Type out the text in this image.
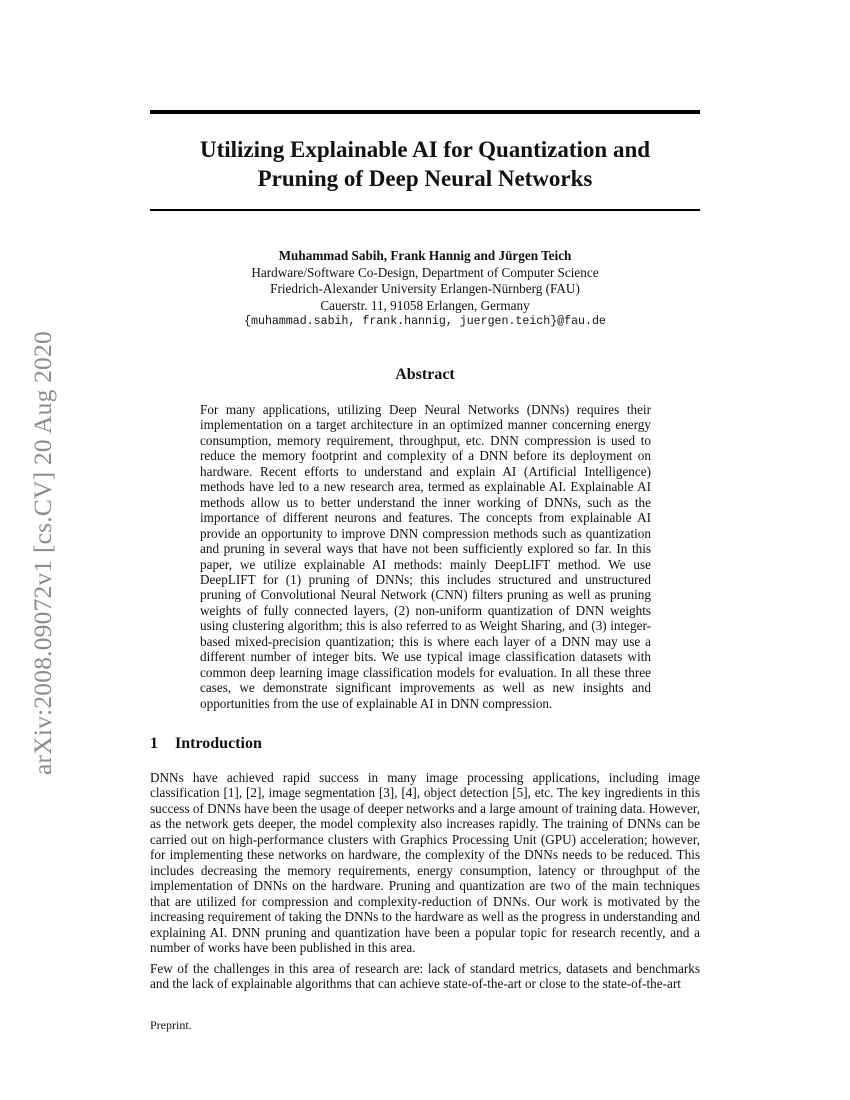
arXiv:2008.09072v1 [cs.CV] 20 Aug 2020
Utilizing Explainable AI for Quantization and
Pruning of Deep Neural Networks
Muhammad Sabih, Frank Hannig and Jürgen Teich
Hardware/Software Co-Design, Department of Computer Science
Friedrich-Alexander University Erlangen-Nürnberg (FAU)
Cauerstr. 11, 91058 Erlangen, Germany
{muhammad.sabih, frank.hannig, juergen.teich}@fau.de
Abstract
For many applications, utilizing Deep Neural Networks (DNNs) requires their implementation on a target architecture in an optimized manner concerning energy consumption, memory requirement, throughput, etc. DNN compression is used to reduce the memory footprint and complexity of a DNN before its deployment on hardware. Recent efforts to understand and explain AI (Artificial Intelligence) methods have led to a new research area, termed as explainable AI. Explainable AI methods allow us to better understand the inner working of DNNs, such as the importance of different neurons and features. The concepts from explainable AI provide an opportunity to improve DNN compression methods such as quantization and pruning in several ways that have not been sufficiently explored so far. In this paper, we utilize explainable AI methods: mainly DeepLIFT method. We use DeepLIFT for (1) pruning of DNNs; this includes structured and unstructured pruning of Convolutional Neural Network (CNN) filters pruning as well as pruning weights of fully connected layers, (2) non-uniform quantization of DNN weights using clustering algorithm; this is also referred to as Weight Sharing, and (3) integer-based mixed-precision quantization; this is where each layer of a DNN may use a different number of integer bits. We use typical image classification datasets with common deep learning image classification models for evaluation. In all these three cases, we demonstrate significant improvements as well as new insights and opportunities from the use of explainable AI in DNN compression.
1 Introduction
DNNs have achieved rapid success in many image processing applications, including image classification [1], [2], image segmentation [3], [4], object detection [5], etc. The key ingredients in this success of DNNs have been the usage of deeper networks and a large amount of training data. However, as the network gets deeper, the model complexity also increases rapidly. The training of DNNs can be carried out on high-performance clusters with Graphics Processing Unit (GPU) acceleration; however, for implementing these networks on hardware, the complexity of the DNNs needs to be reduced. This includes decreasing the memory requirements, energy consumption, latency or throughput of the implementation of DNNs on the hardware. Pruning and quantization are two of the main techniques that are utilized for compression and complexity-reduction of DNNs. Our work is motivated by the increasing requirement of taking the DNNs to the hardware as well as the progress in understanding and explaining AI. DNN pruning and quantization have been a popular topic for research recently, and a number of works have been published in this area.
Few of the challenges in this area of research are: lack of standard metrics, datasets and benchmarks and the lack of explainable algorithms that can achieve state-of-the-art or close to the state-of-the-art
Preprint.
